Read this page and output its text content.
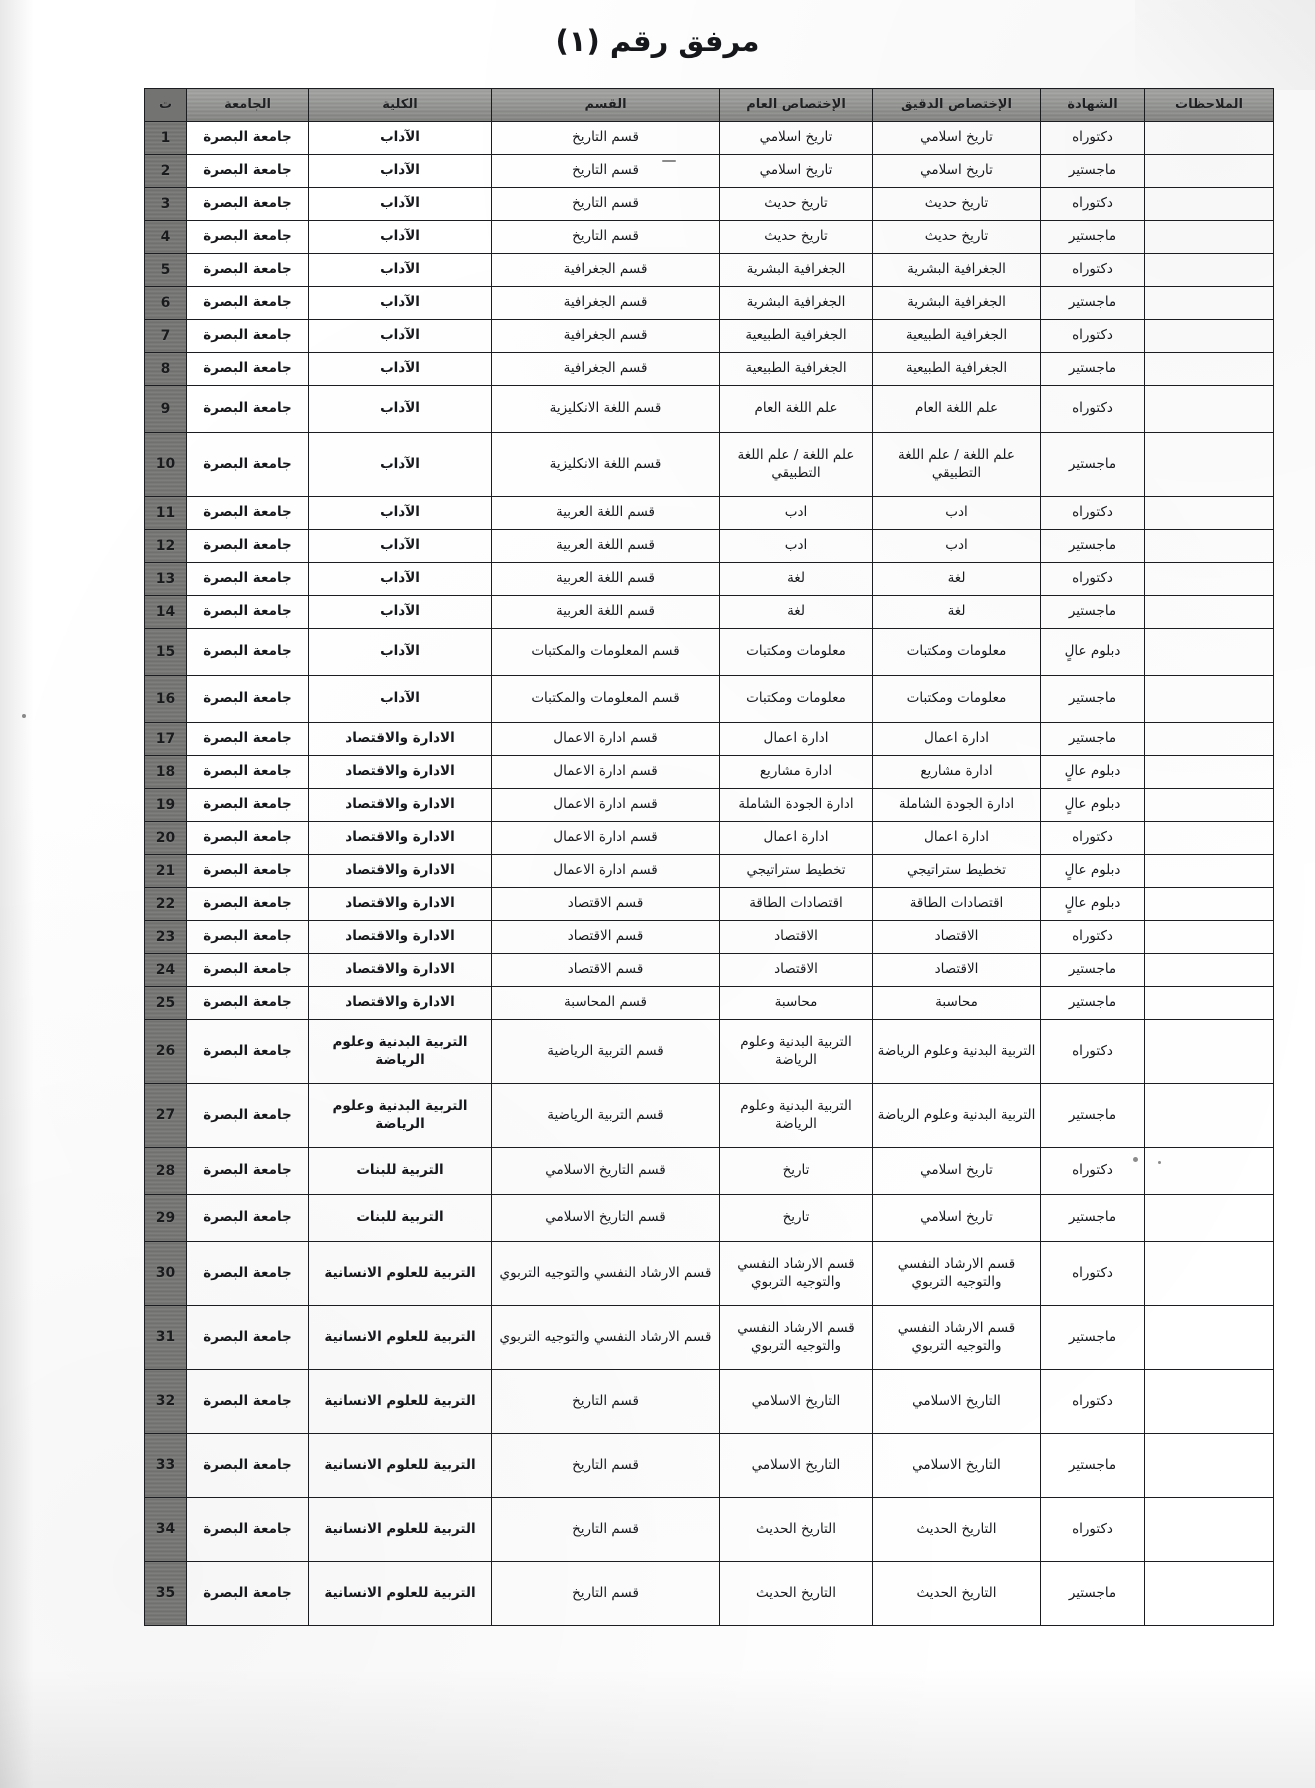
مرفق رقم (١)
الملاحظات	الشهادة	الإختصاص الدقيق	الإختصاص العام	القسم	الكلية	الجامعة	ت
	دكتوراه	تاريخ اسلامي	تاريخ اسلامي	قسم التاريخ	الآداب	جامعة البصرة	1
	ماجستير	تاريخ اسلامي	تاريخ اسلامي	قسم التاريخ	الآداب	جامعة البصرة	2
	دكتوراه	تاريخ حديث	تاريخ حديث	قسم التاريخ	الآداب	جامعة البصرة	3
	ماجستير	تاريخ حديث	تاريخ حديث	قسم التاريخ	الآداب	جامعة البصرة	4
	دكتوراه	الجغرافية البشرية	الجغرافية البشرية	قسم الجغرافية	الآداب	جامعة البصرة	5
	ماجستير	الجغرافية البشرية	الجغرافية البشرية	قسم الجغرافية	الآداب	جامعة البصرة	6
	دكتوراه	الجغرافية الطبيعية	الجغرافية الطبيعية	قسم الجغرافية	الآداب	جامعة البصرة	7
	ماجستير	الجغرافية الطبيعية	الجغرافية الطبيعية	قسم الجغرافية	الآداب	جامعة البصرة	8
	دكتوراه	علم اللغة العام	علم اللغة العام	قسم اللغة الانكليزية	الآداب	جامعة البصرة	9
	ماجستير	علم اللغة / علم اللغة التطبيقي	علم اللغة / علم اللغة التطبيقي	قسم اللغة الانكليزية	الآداب	جامعة البصرة	10
	دكتوراه	ادب	ادب	قسم اللغة العربية	الآداب	جامعة البصرة	11
	ماجستير	ادب	ادب	قسم اللغة العربية	الآداب	جامعة البصرة	12
	دكتوراه	لغة	لغة	قسم اللغة العربية	الآداب	جامعة البصرة	13
	ماجستير	لغة	لغة	قسم اللغة العربية	الآداب	جامعة البصرة	14
	دبلوم عالٍ	معلومات ومكتبات	معلومات ومكتبات	قسم المعلومات والمكتبات	الآداب	جامعة البصرة	15
	ماجستير	معلومات ومكتبات	معلومات ومكتبات	قسم المعلومات والمكتبات	الآداب	جامعة البصرة	16
	ماجستير	ادارة اعمال	ادارة اعمال	قسم ادارة الاعمال	الادارة والاقتصاد	جامعة البصرة	17
	دبلوم عالٍ	ادارة مشاريع	ادارة مشاريع	قسم ادارة الاعمال	الادارة والاقتصاد	جامعة البصرة	18
	دبلوم عالٍ	ادارة الجودة الشاملة	ادارة الجودة الشاملة	قسم ادارة الاعمال	الادارة والاقتصاد	جامعة البصرة	19
	دكتوراه	ادارة اعمال	ادارة اعمال	قسم ادارة الاعمال	الادارة والاقتصاد	جامعة البصرة	20
	دبلوم عالٍ	تخطيط ستراتيجي	تخطيط ستراتيجي	قسم ادارة الاعمال	الادارة والاقتصاد	جامعة البصرة	21
	دبلوم عالٍ	اقتصادات الطاقة	اقتصادات الطاقة	قسم الاقتصاد	الادارة والاقتصاد	جامعة البصرة	22
	دكتوراه	الاقتصاد	الاقتصاد	قسم الاقتصاد	الادارة والاقتصاد	جامعة البصرة	23
	ماجستير	الاقتصاد	الاقتصاد	قسم الاقتصاد	الادارة والاقتصاد	جامعة البصرة	24
	ماجستير	محاسبة	محاسبة	قسم المحاسبة	الادارة والاقتصاد	جامعة البصرة	25
	دكتوراه	التربية البدنية وعلوم الرياضة	التربية البدنية وعلوم الرياضة	قسم التربية الرياضية	التربية البدنية وعلوم الرياضة	جامعة البصرة	26
	ماجستير	التربية البدنية وعلوم الرياضة	التربية البدنية وعلوم الرياضة	قسم التربية الرياضية	التربية البدنية وعلوم الرياضة	جامعة البصرة	27
	دكتوراه	تاريخ اسلامي	تاريخ	قسم التاريخ الاسلامي	التربية للبنات	جامعة البصرة	28
	ماجستير	تاريخ اسلامي	تاريخ	قسم التاريخ الاسلامي	التربية للبنات	جامعة البصرة	29
	دكتوراه	قسم الارشاد النفسي والتوجيه التربوي	قسم الارشاد النفسي والتوجيه التربوي	قسم الارشاد النفسي والتوجيه التربوي	التربية للعلوم الانسانية	جامعة البصرة	30
	ماجستير	قسم الارشاد النفسي والتوجيه التربوي	قسم الارشاد النفسي والتوجيه التربوي	قسم الارشاد النفسي والتوجيه التربوي	التربية للعلوم الانسانية	جامعة البصرة	31
	دكتوراه	التاريخ الاسلامي	التاريخ الاسلامي	قسم التاريخ	التربية للعلوم الانسانية	جامعة البصرة	32
	ماجستير	التاريخ الاسلامي	التاريخ الاسلامي	قسم التاريخ	التربية للعلوم الانسانية	جامعة البصرة	33
	دكتوراه	التاريخ الحديث	التاريخ الحديث	قسم التاريخ	التربية للعلوم الانسانية	جامعة البصرة	34
	ماجستير	التاريخ الحديث	التاريخ الحديث	قسم التاريخ	التربية للعلوم الانسانية	جامعة البصرة	35
